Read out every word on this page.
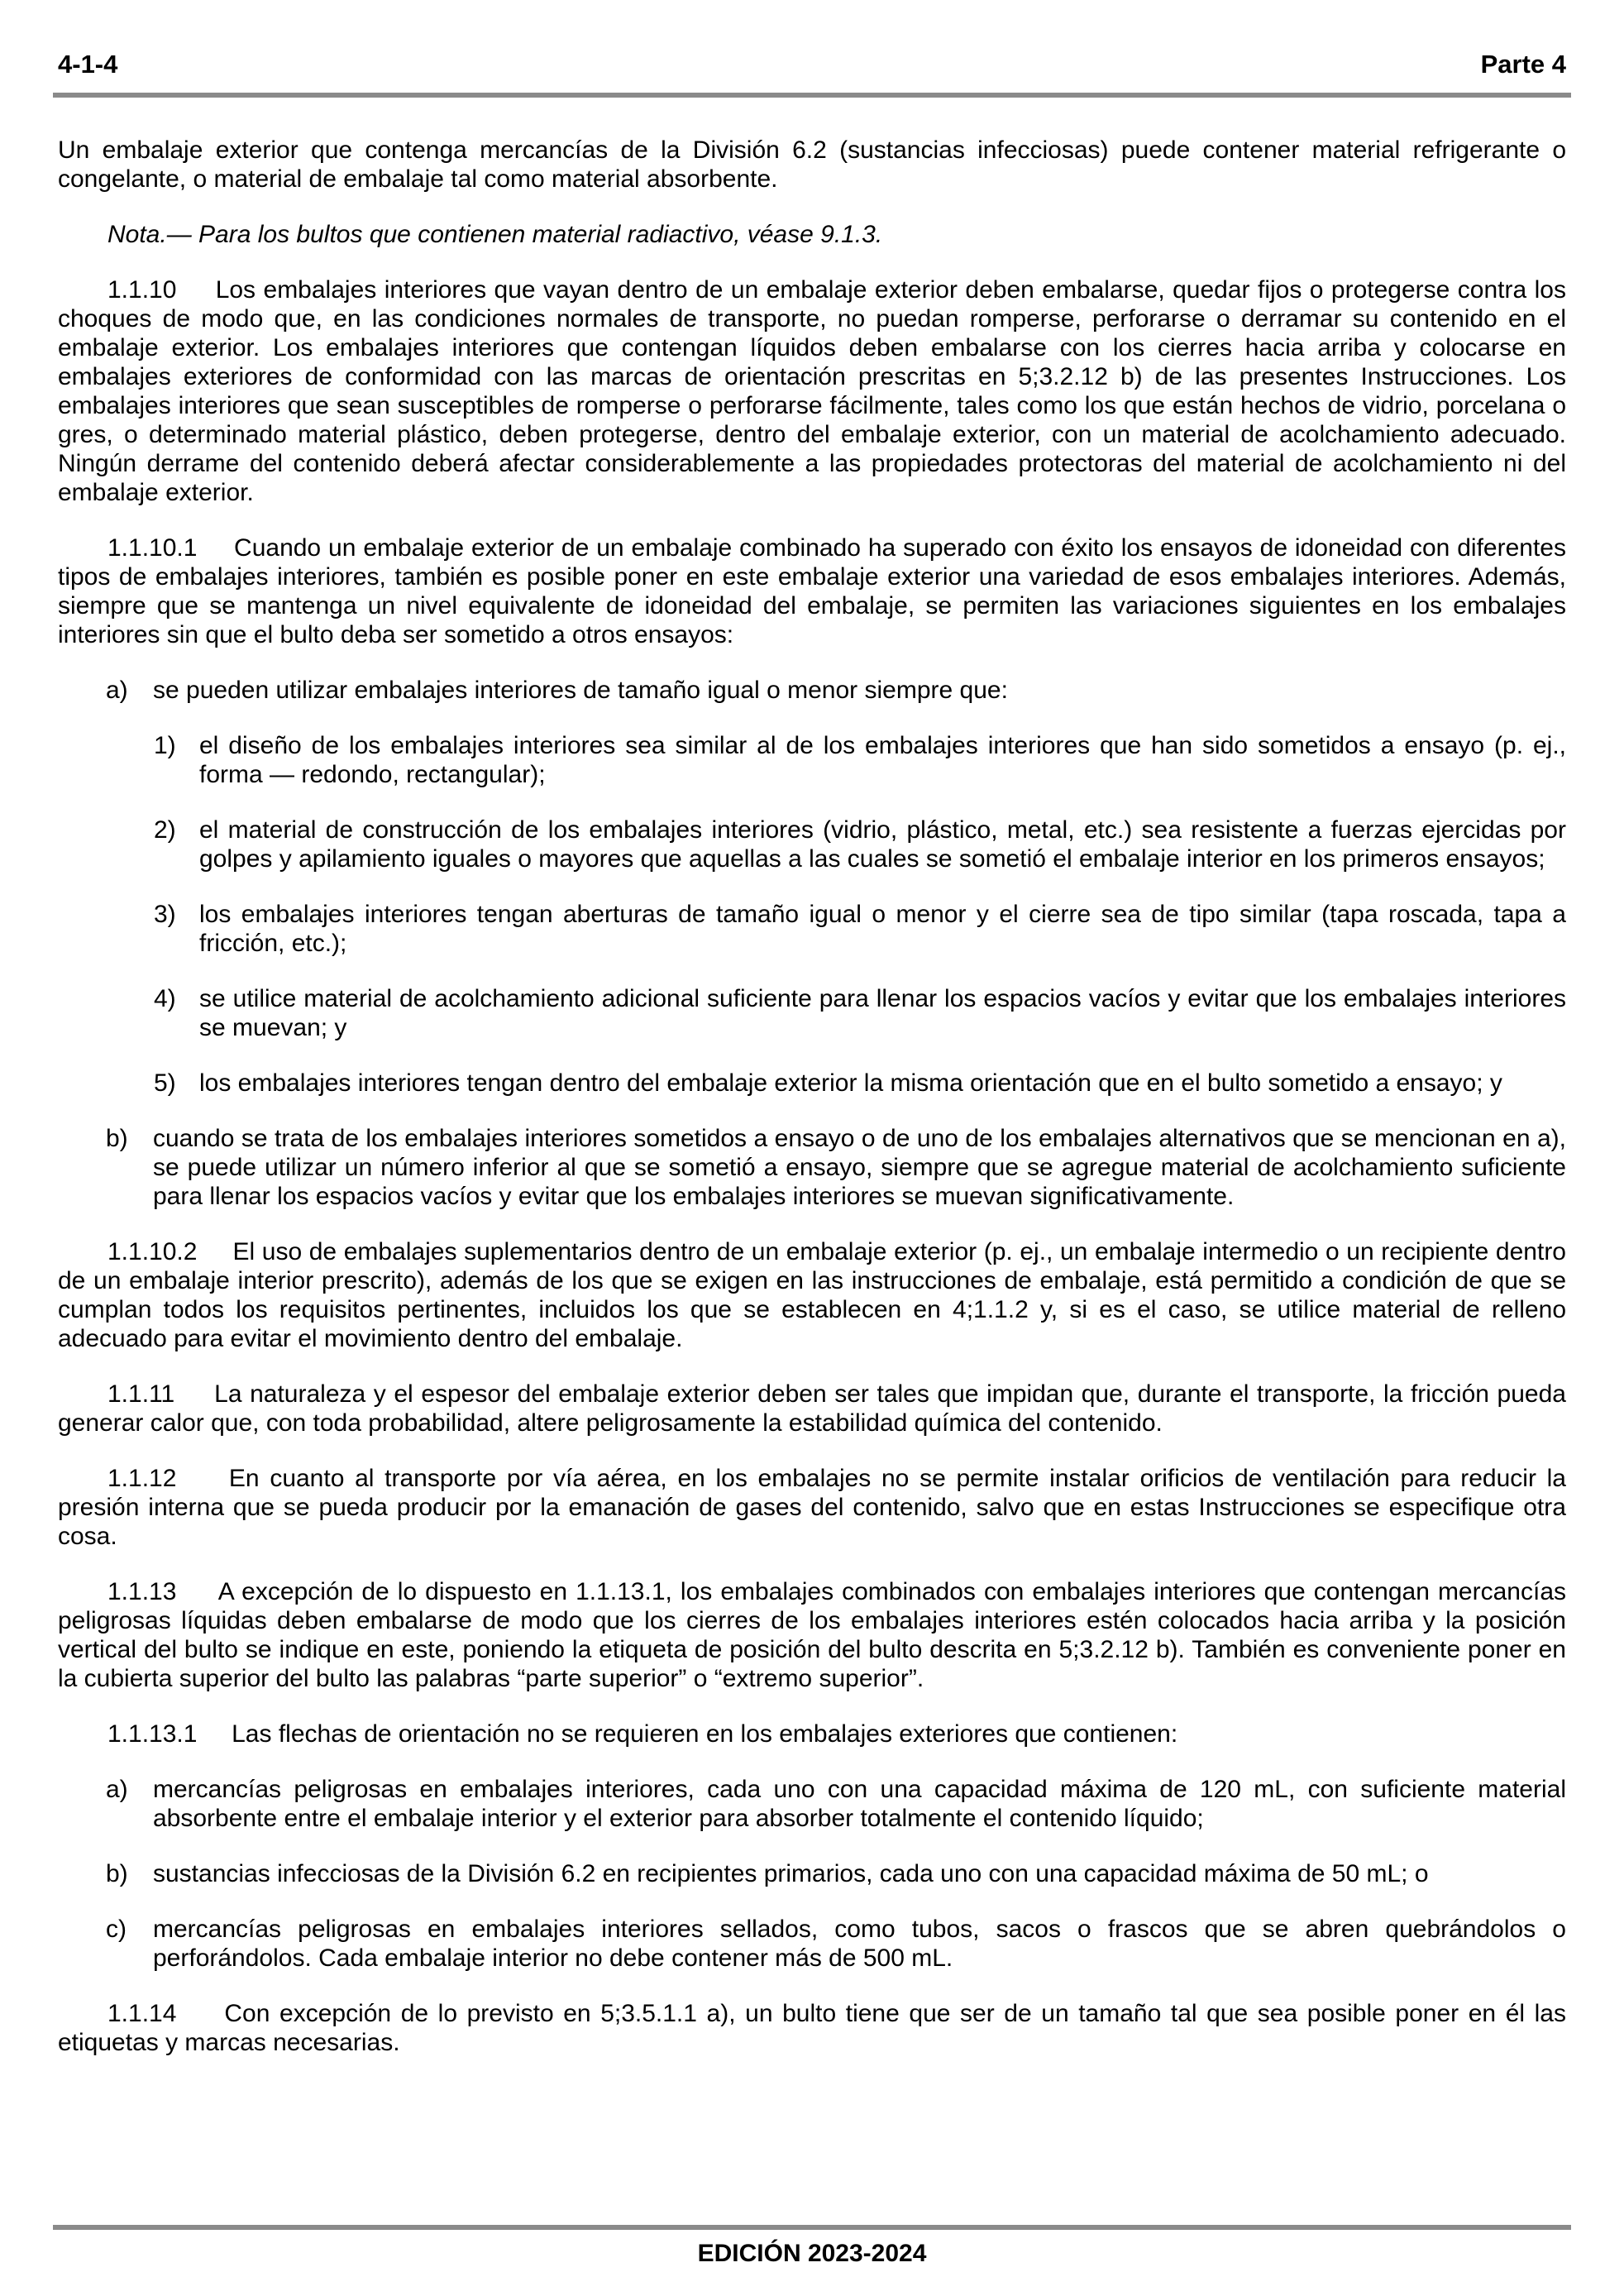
4-1-4	Parte 4

Un embalaje exterior que contenga mercancías de la División 6.2 (sustancias infecciosas) puede contener material refrigerante o congelante, o material de embalaje tal como material absorbente.

Nota.— Para los bultos que contienen material radiactivo, véase 9.1.3.

1.1.10 Los embalajes interiores que vayan dentro de un embalaje exterior deben embalarse, quedar fijos o protegerse contra los choques de modo que, en las condiciones normales de transporte, no puedan romperse, perforarse o derramar su contenido en el embalaje exterior. Los embalajes interiores que contengan líquidos deben embalarse con los cierres hacia arriba y colocarse en embalajes exteriores de conformidad con las marcas de orientación prescritas en 5;3.2.12 b) de las presentes Instrucciones. Los embalajes interiores que sean susceptibles de romperse o perforarse fácilmente, tales como los que están hechos de vidrio, porcelana o gres, o determinado material plástico, deben protegerse, dentro del embalaje exterior, con un material de acolchamiento adecuado. Ningún derrame del contenido deberá afectar considerablemente a las propiedades protectoras del material de acolchamiento ni del embalaje exterior.

1.1.10.1 Cuando un embalaje exterior de un embalaje combinado ha superado con éxito los ensayos de idoneidad con diferentes tipos de embalajes interiores, también es posible poner en este embalaje exterior una variedad de esos embalajes interiores. Además, siempre que se mantenga un nivel equivalente de idoneidad del embalaje, se permiten las variaciones siguientes en los embalajes interiores sin que el bulto deba ser sometido a otros ensayos:

a) se pueden utilizar embalajes interiores de tamaño igual o menor siempre que:
1) el diseño de los embalajes interiores sea similar al de los embalajes interiores que han sido sometidos a ensayo (p. ej., forma — redondo, rectangular);
2) el material de construcción de los embalajes interiores (vidrio, plástico, metal, etc.) sea resistente a fuerzas ejercidas por golpes y apilamiento iguales o mayores que aquellas a las cuales se sometió el embalaje interior en los primeros ensayos;
3) los embalajes interiores tengan aberturas de tamaño igual o menor y el cierre sea de tipo similar (tapa roscada, tapa a fricción, etc.);
4) se utilice material de acolchamiento adicional suficiente para llenar los espacios vacíos y evitar que los embalajes interiores se muevan; y
5) los embalajes interiores tengan dentro del embalaje exterior la misma orientación que en el bulto sometido a ensayo; y
b) cuando se trata de los embalajes interiores sometidos a ensayo o de uno de los embalajes alternativos que se mencionan en a), se puede utilizar un número inferior al que se sometió a ensayo, siempre que se agregue material de acolchamiento suficiente para llenar los espacios vacíos y evitar que los embalajes interiores se muevan significativamente.

1.1.10.2 El uso de embalajes suplementarios dentro de un embalaje exterior (p. ej., un embalaje intermedio o un recipiente dentro de un embalaje interior prescrito), además de los que se exigen en las instrucciones de embalaje, está permitido a condición de que se cumplan todos los requisitos pertinentes, incluidos los que se establecen en 4;1.1.2 y, si es el caso, se utilice material de relleno adecuado para evitar el movimiento dentro del embalaje.

1.1.11 La naturaleza y el espesor del embalaje exterior deben ser tales que impidan que, durante el transporte, la fricción pueda generar calor que, con toda probabilidad, altere peligrosamente la estabilidad química del contenido.

1.1.12 En cuanto al transporte por vía aérea, en los embalajes no se permite instalar orificios de ventilación para reducir la presión interna que se pueda producir por la emanación de gases del contenido, salvo que en estas Instrucciones se especifique otra cosa.

1.1.13 A excepción de lo dispuesto en 1.1.13.1, los embalajes combinados con embalajes interiores que contengan mercancías peligrosas líquidas deben embalarse de modo que los cierres de los embalajes interiores estén colocados hacia arriba y la posición vertical del bulto se indique en este, poniendo la etiqueta de posición del bulto descrita en 5;3.2.12 b). También es conveniente poner en la cubierta superior del bulto las palabras “parte superior” o “extremo superior”.

1.1.13.1 Las flechas de orientación no se requieren en los embalajes exteriores que contienen:

a) mercancías peligrosas en embalajes interiores, cada uno con una capacidad máxima de 120 mL, con suficiente material absorbente entre el embalaje interior y el exterior para absorber totalmente el contenido líquido;
b) sustancias infecciosas de la División 6.2 en recipientes primarios, cada uno con una capacidad máxima de 50 mL; o
c) mercancías peligrosas en embalajes interiores sellados, como tubos, sacos o frascos que se abren quebrándolos o perforándolos. Cada embalaje interior no debe contener más de 500 mL.

1.1.14 Con excepción de lo previsto en 5;3.5.1.1 a), un bulto tiene que ser de un tamaño tal que sea posible poner en él las etiquetas y marcas necesarias.

EDICIÓN 2023-2024
